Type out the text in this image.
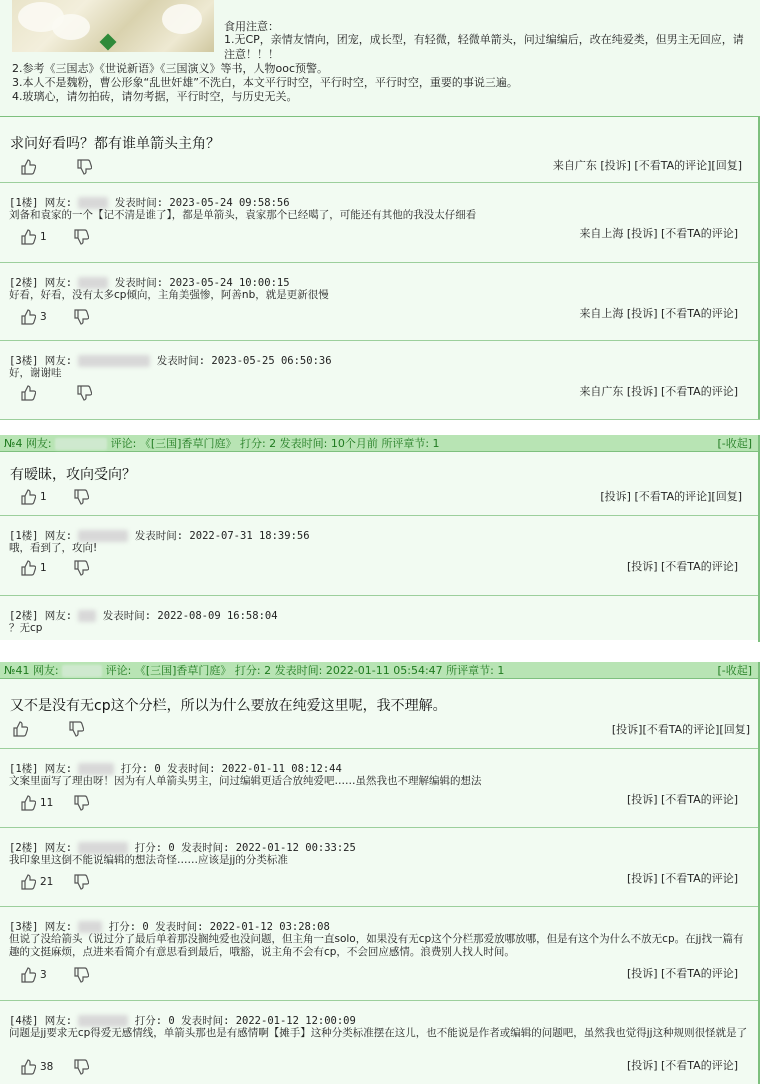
食用注意：
1.无CP，亲情友情向，团宠，成长型，有轻微，轻微单箭头，问过编编后，改在纯爱类，但男主无回应，请注意！！！
2.参考《三国志》《世说新语》《三国演义》等书，人物ooc预警。
3.本人不是魏粉，曹公形象“乱世奸雄”不洗白，本文平行时空，平行时空，平行时空，重要的事说三遍。
4.玻璃心，请勿拍砖，请勿考据，平行时空，与历史无关。
求问好看吗？都有谁单箭头主角？
来自广东 [投诉] [不看TA的评论][回复]
[1楼] 网友:	发表时间: 2023-05-24 09:58:56
刘备和袁家的一个【记不清是谁了】，都是单箭头，袁家那个已经噶了，可能还有其他的我没太仔细看
1	来自上海 [投诉] [不看TA的评论]
[2楼] 网友:	发表时间: 2023-05-24 10:00:15
好看，好看，没有太多cp倾向，主角美强惨，阿善nb，就是更新很慢
3	来自上海 [投诉] [不看TA的评论]
[3楼] 网友:	发表时间: 2023-05-25 06:50:36
好，谢谢哇
来自广东 [投诉] [不看TA的评论]
№4 网友:	评论: 《[三国]香草门庭》 打分: 2 发表时间: 10个月前 所评章节: 1	[-收起]
有暧昧，攻向受向？
1	[投诉] [不看TA的评论][回复]
[1楼] 网友:	发表时间: 2022-07-31 18:39:56
哦，看到了，攻向!
1	[投诉] [不看TA的评论]
[2楼] 网友:	发表时间: 2022-08-09 16:58:04
？无cp
№41 网友:	评论: 《[三国]香草门庭》 打分: 2 发表时间: 2022-01-11 05:54:47 所评章节: 1	[-收起]
又不是没有无cp这个分栏，所以为什么要放在纯爱这里呢，我不理解。
[投诉][不看TA的评论][回复]
[1楼] 网友:	打分: 0 发表时间: 2022-01-11 08:12:44
文案里面写了理由呀！因为有人单箭头男主，问过编辑更适合放纯爱吧……虽然我也不理解编辑的想法
11	[投诉] [不看TA的评论]
[2楼] 网友:	打分: 0 发表时间: 2022-01-12 00:33:25
我印象里这倒不能说编辑的想法奇怪……应该是jj的分类标准
21	[投诉] [不看TA的评论]
[3楼] 网友:	打分: 0 发表时间: 2022-01-12 03:28:08
但说了没给箭头（说过分了最后单着那没搁纯爱也没问题，但主角一直solo，如果没有无cp这个分栏那爱放哪放哪，但是有这个为什么不放无cp。在jj找一篇有趣的文挺麻烦，点进来看简介有意思看到最后，哦豁，说主角不会有cp，不会回应感情。浪费别人找人时间。
3	[投诉] [不看TA的评论]
[4楼] 网友:	打分: 0 发表时间: 2022-01-12 12:00:09
问题是jj要求无cp得爱无感情线，单箭头那也是有感情啊【摊手】这种分类标准摆在这儿，也不能说是作者或编辑的问题吧，虽然我也觉得jj这种规则很怪就是了
38	[投诉] [不看TA的评论]
